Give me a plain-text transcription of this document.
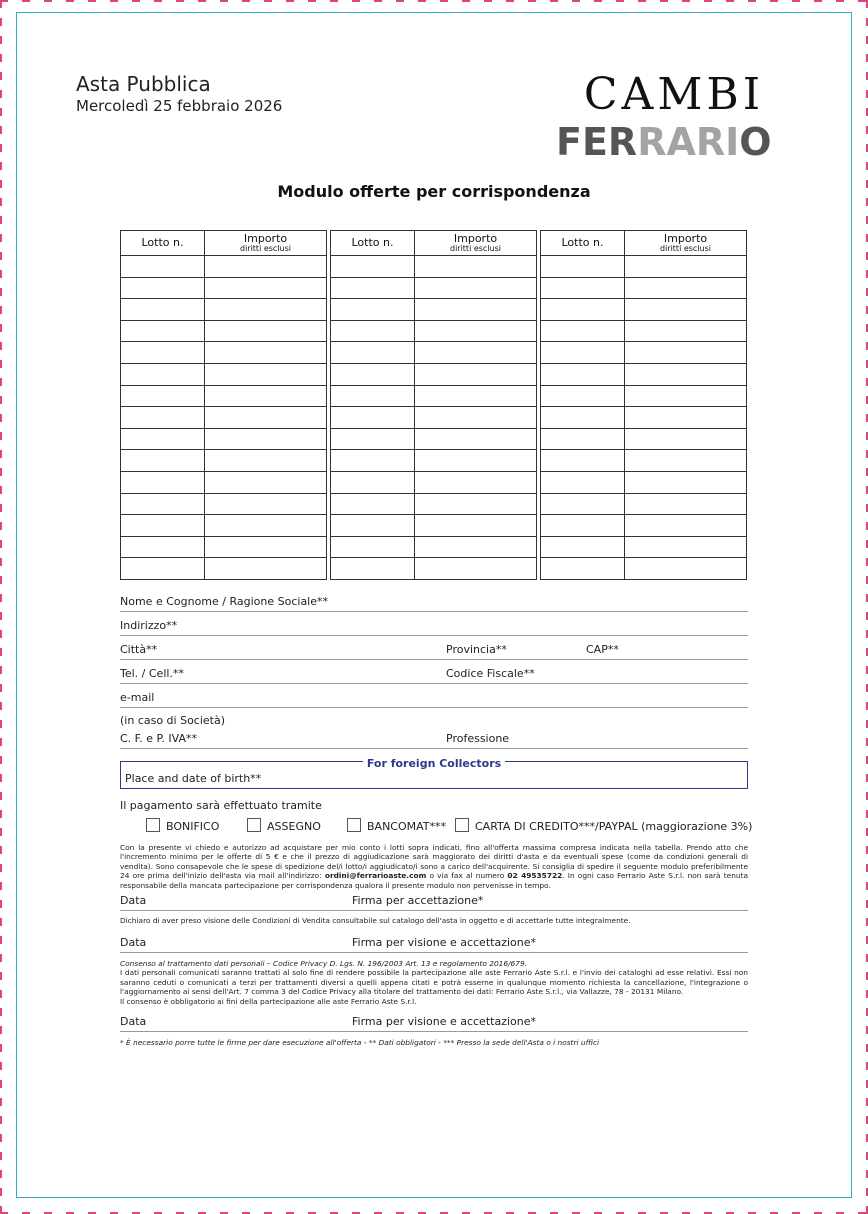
Asta Pubblica
Mercoledì 25 febbraio 2026	CAMBI
FERRARIO
Modulo offerte per corrispondenza
Lotto n.	Importo
diritti esclusi

		Lotto n.	Importo
diritti esclusi

		Lotto n.	Importo
diritti esclusi

Nome e Cognome / Ragione Sociale**
Indirizzo**
Città**	Provincia**	CAP**
Tel. / Cell.**	Codice Fiscale**
e-mail
(in caso di Società)
C. F. e P. IVA**	Professione
For foreign Collectors
Place and date of birth**
Il pagamento sarà effettuato tramite
BONIFICO	ASSEGNO	BANCOMAT***	CARTA DI CREDITO***/PAYPAL (maggiorazione 3%)
Con la presente vi chiedo e autorizzo ad acquistare per mio conto i lotti sopra indicati, fino all'offerta massima compresa indicata nella tabella. Prendo atto che l'incremento minimo per le offerte di 5 € e che il prezzo di aggiudicazione sarà maggiorato dei diritti d'asta e da eventuali spese (come da condizioni generali di vendita). Sono consapevole che le spese di spedizione del/i lotto/i aggiudicato/i sono a carico dell'acquirente. Si consiglia di spedire il seguente modulo preferibilmente 24 ore prima dell'inizio dell'asta via mail all'indirizzo: ordini@ferrarioaste.com o via fax al numero 02 49535722. In ogni caso Ferrario Aste S.r.l. non sarà tenuta responsabile della mancata partecipazione per corrispondenza qualora il presente modulo non pervenisse in tempo.
Data	Firma per accettazione*
Dichiaro di aver preso visione delle Condizioni di Vendita consultabile sul catalogo dell'asta in oggetto e di accettarle tutte integralmente.
Data	Firma per visione e accettazione*
Consenso al trattamento dati personali – Codice Privacy D. Lgs. N. 196/2003 Art. 13 e regolamento 2016/679.
I dati personali comunicati saranno trattati al solo fine di rendere possibile la partecipazione alle aste Ferrario Aste S.r.l. e l'invio dei cataloghi ad esse relativi. Essi non saranno ceduti o comunicati a terzi per trattamenti diversi a quelli appena citati e potrà esserne in qualunque momento richiesta la cancellazione, l'integrazione o l'aggiornamento ai sensi dell'Art. 7 comma 3 del Codice Privacy alla titolare del trattamento dei dati: Ferrario Aste S.r.l., via Vallazze, 78 - 20131 Milano.
Il consenso è obbligatorio ai fini della partecipazione alle aste Ferrario Aste S.r.l.
Data	Firma per visione e accettazione*
* È necessario porre tutte le firme per dare esecuzione all'offerta - ** Dati obbligatori - *** Presso la sede dell'Asta o i nostri uffici
